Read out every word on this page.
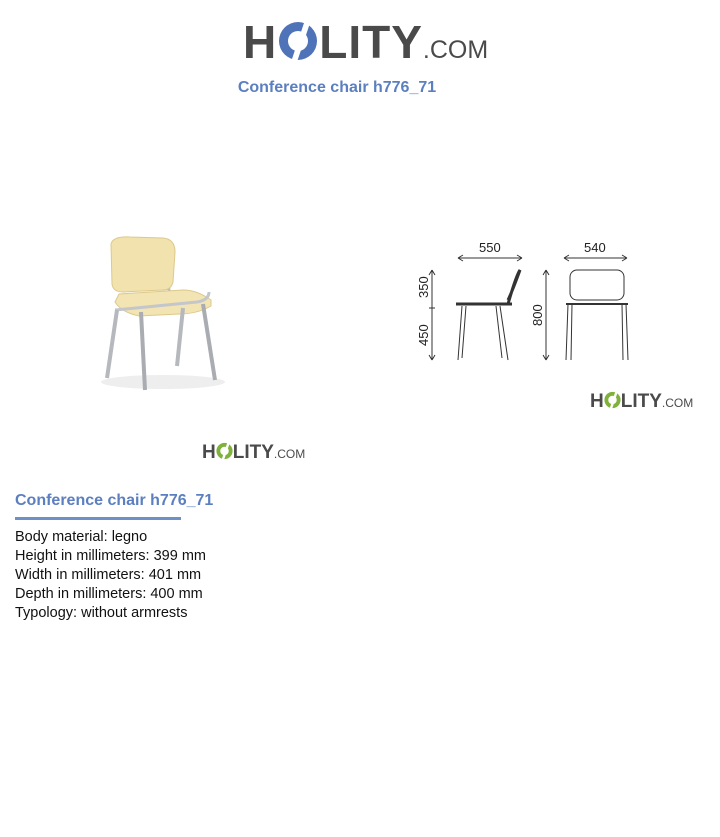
H LITY .COM
Conference chair h776_71
550	540
350
450
800
H LITY .COM
H LITY .COM
Conference chair h776_71
Body material: legno
Height in millimeters: 399 mm
Width in millimeters: 401 mm
Depth in millimeters: 400 mm
Typology: without armrests
